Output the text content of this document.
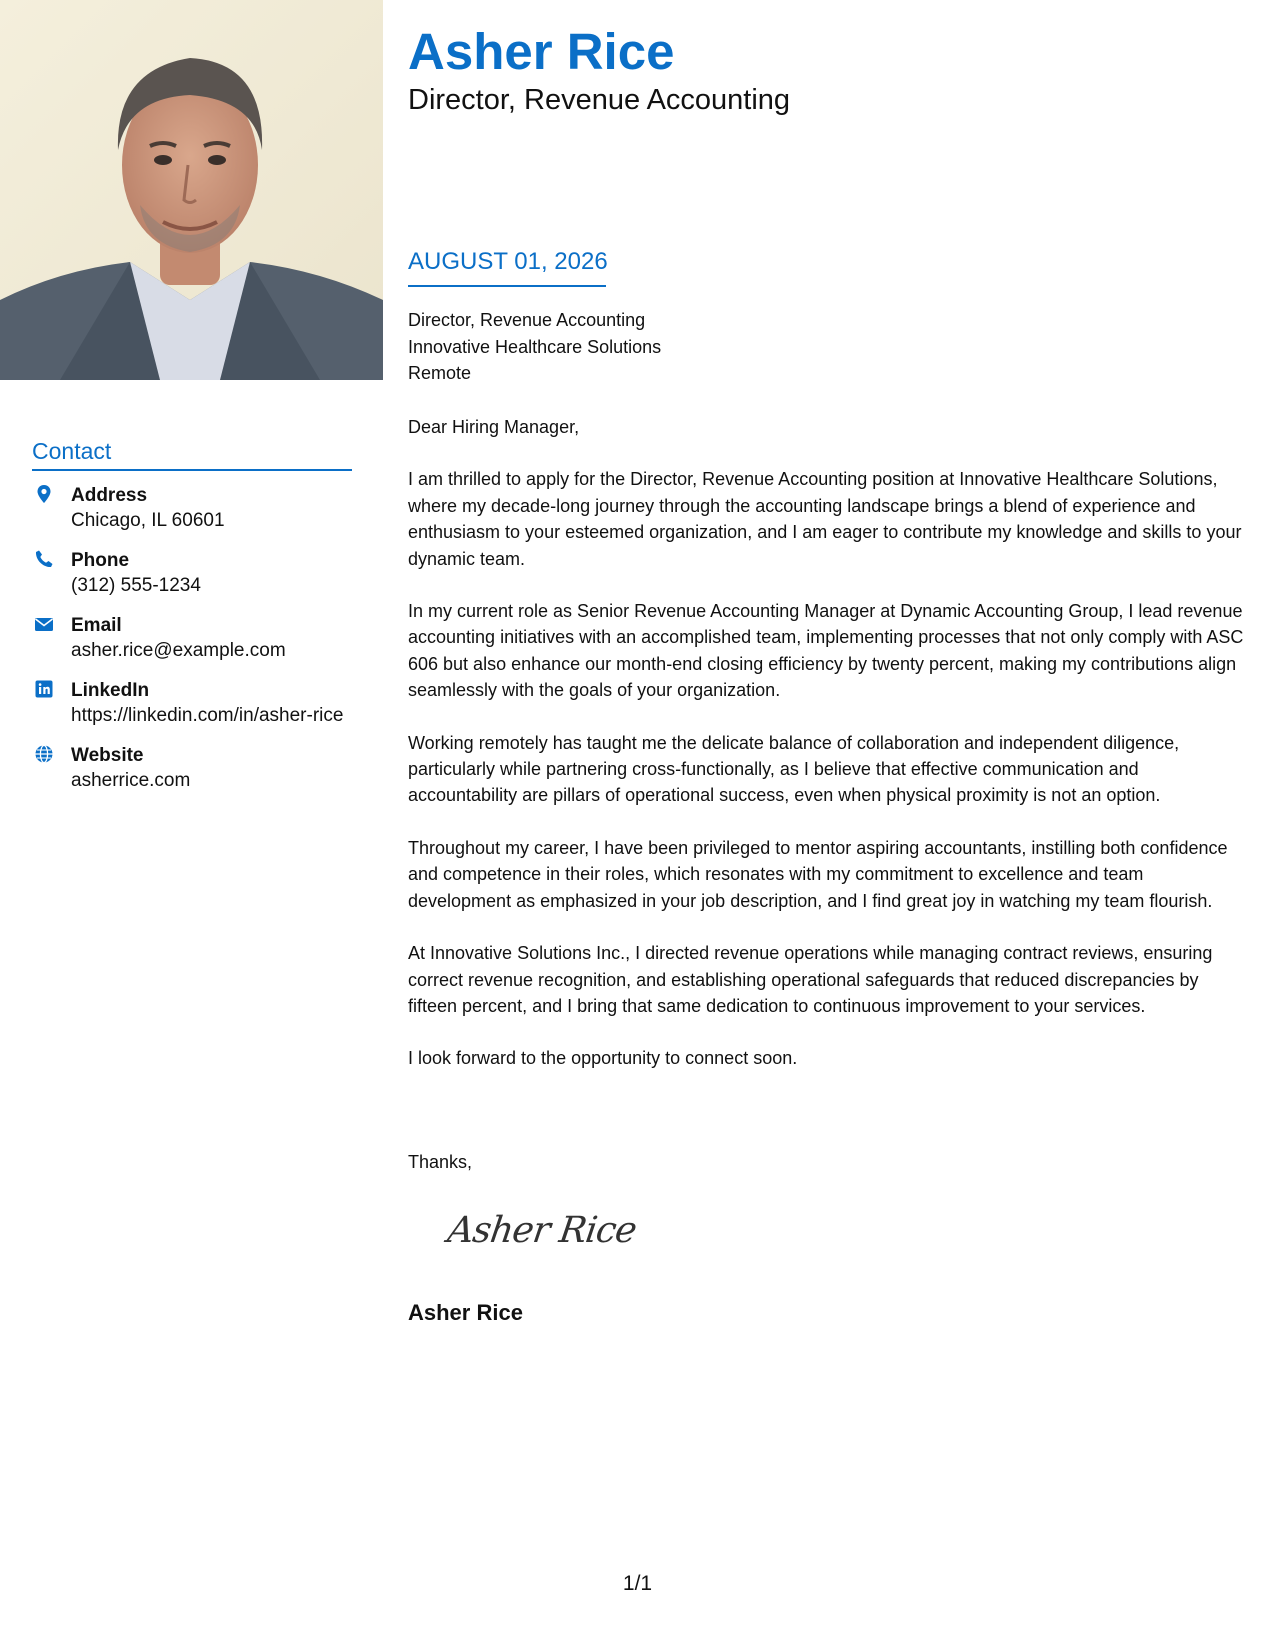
Contact
Address
Chicago, IL 60601
Phone
(312) 555-1234
Email
asher.rice@example.com
LinkedIn
https://linkedin.com/in/asher-rice
Website
asherrice.com
Asher Rice
Director, Revenue Accounting
AUGUST 01, 2026
Director, Revenue Accounting
Innovative Healthcare Solutions
Remote

Dear Hiring Manager,

I am thrilled to apply for the Director, Revenue Accounting position at Innovative Healthcare Solutions, where my decade-long journey through the accounting landscape brings a blend of experience and enthusiasm to your esteemed organization, and I am eager to contribute my knowledge and skills to your dynamic team.

In my current role as Senior Revenue Accounting Manager at Dynamic Accounting Group, I lead revenue accounting initiatives with an accomplished team, implementing processes that not only comply with ASC 606 but also enhance our month-end closing efficiency by twenty percent, making my contributions align seamlessly with the goals of your organization.

Working remotely has taught me the delicate balance of collaboration and independent diligence, particularly while partnering cross-functionally, as I believe that effective communication and accountability are pillars of operational success, even when physical proximity is not an option.

Throughout my career, I have been privileged to mentor aspiring accountants, instilling both confidence and competence in their roles, which resonates with my commitment to excellence and team development as emphasized in your job description, and I find great joy in watching my team flourish.

At Innovative Solutions Inc., I directed revenue operations while managing contract reviews, ensuring correct revenue recognition, and establishing operational safeguards that reduced discrepancies by fifteen percent, and I bring that same dedication to continuous improvement to your services.

I look forward to the opportunity to connect soon.

Thanks,
Asher Rice
Asher Rice
1/1
